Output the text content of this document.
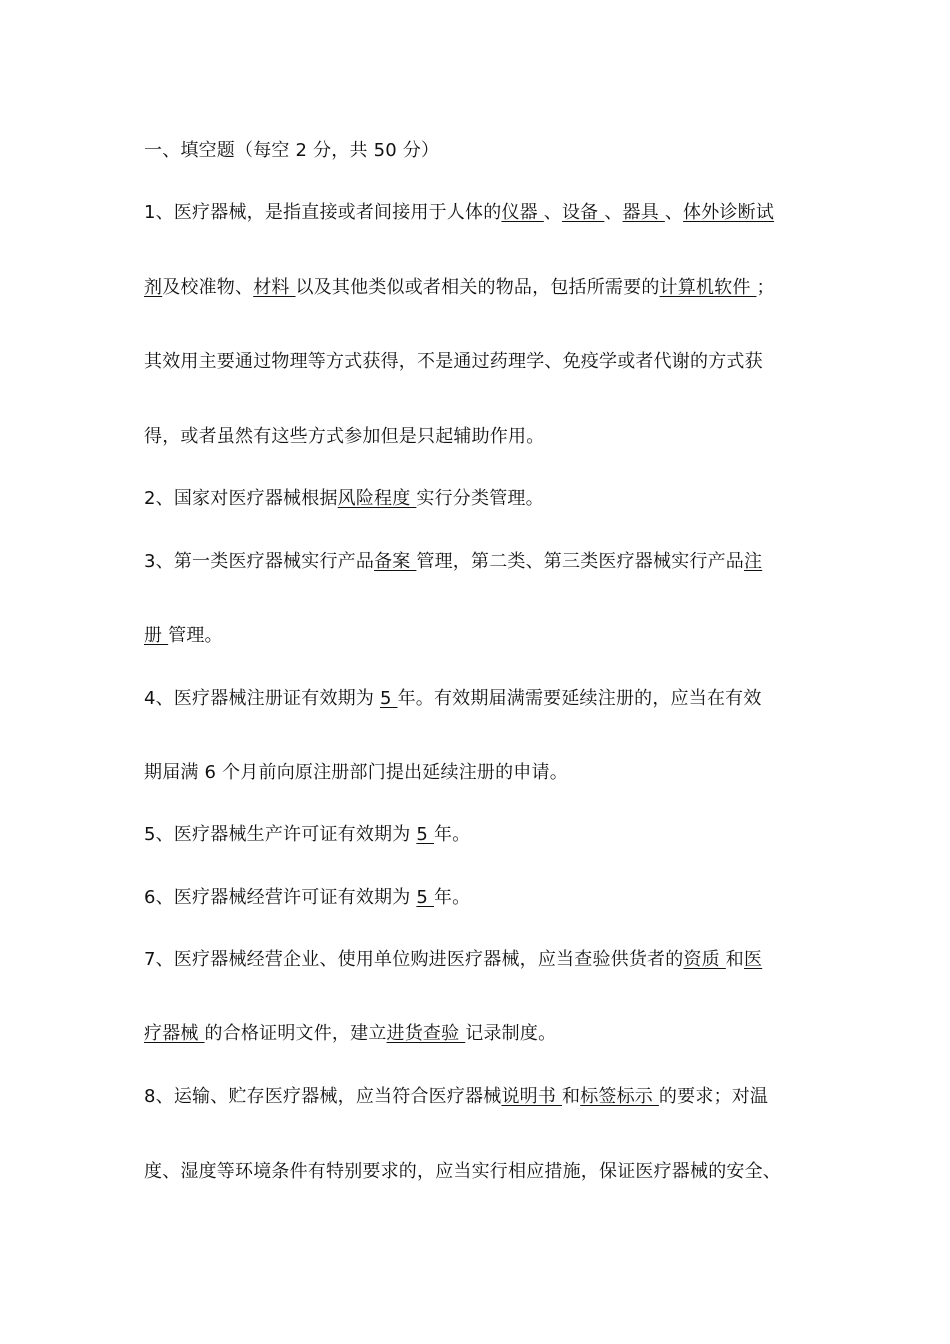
一、填空题（每空 2 分，共 50 分）
1、医疗器械，是指直接或者间接用于人体的仪器 、设备 、器具 、体外诊断试
剂及校准物、材料 以及其他类似或者相关的物品，包括所需要的计算机软件 ；
其效用主要通过物理等方式获得，不是通过药理学、免疫学或者代谢的方式获
得，或者虽然有这些方式参加但是只起辅助作用。
2、国家对医疗器械根据风险程度 实行分类管理。
3、第一类医疗器械实行产品备案 管理，第二类、第三类医疗器械实行产品注
册 管理。
4、医疗器械注册证有效期为 5 年。有效期届满需要延续注册的，应当在有效
期届满 6 个月前向原注册部门提出延续注册的申请。
5、医疗器械生产许可证有效期为 5 年。
6、医疗器械经营许可证有效期为 5 年。
7、医疗器械经营企业、使用单位购进医疗器械，应当查验供货者的资质 和医
疗器械 的合格证明文件，建立进货查验 记录制度。
8、运输、贮存医疗器械，应当符合医疗器械说明书 和标签标示 的要求；对温
度、湿度等环境条件有特别要求的，应当实行相应措施，保证医疗器械的安全、
